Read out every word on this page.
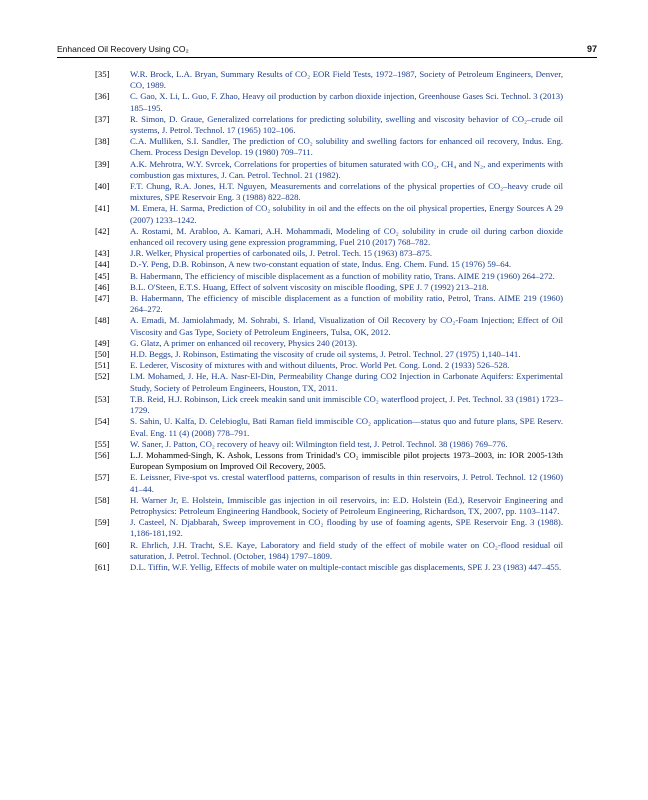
Enhanced Oil Recovery Using CO₂	97
[35] W.R. Brock, L.A. Bryan, Summary Results of CO₂ EOR Field Tests, 1972–1987, Society of Petroleum Engineers, Denver, CO, 1989.
[36] C. Gao, X. Li, L. Guo, F. Zhao, Heavy oil production by carbon dioxide injection, Greenhouse Gases Sci. Technol. 3 (2013) 185–195.
[37] R. Simon, D. Graue, Generalized correlations for predicting solubility, swelling and viscosity behavior of CO₂–crude oil systems, J. Petrol. Technol. 17 (1965) 102–106.
[38] C.A. Mulliken, S.I. Sandler, The prediction of CO₂ solubility and swelling factors for enhanced oil recovery, Indus. Eng. Chem. Process Design Develop. 19 (1980) 709–711.
[39] A.K. Mehrotra, W.Y. Svrcek, Correlations for properties of bitumen saturated with CO₂, CH₄ and N₂, and experiments with combustion gas mixtures, J. Can. Petrol. Technol. 21 (1982).
[40] F.T. Chung, R.A. Jones, H.T. Nguyen, Measurements and correlations of the physical properties of CO₂–heavy crude oil mixtures, SPE Reservoir Eng. 3 (1988) 822–828.
[41] M. Emera, H. Sarma, Prediction of CO₂ solubility in oil and the effects on the oil physical properties, Energy Sources A 29 (2007) 1233–1242.
[42] A. Rostami, M. Arabloo, A. Kamari, A.H. Mohammadi, Modeling of CO₂ solubility in crude oil during carbon dioxide enhanced oil recovery using gene expression programming, Fuel 210 (2017) 768–782.
[43] J.R. Welker, Physical properties of carbonated oils, J. Petrol. Tech. 15 (1963) 873–875.
[44] D.-Y. Peng, D.B. Robinson, A new two-constant equation of state, Indus. Eng. Chem. Fund. 15 (1976) 59–64.
[45] B. Habermann, The efficiency of miscible displacement as a function of mobility ratio, Trans. AIME 219 (1960) 264–272.
[46] B.L. O'Steen, E.T.S. Huang, Effect of solvent viscosity on miscible flooding, SPE J. 7 (1992) 213–218.
[47] B. Habermann, The efficiency of miscible displacement as a function of mobility ratio, Petrol, Trans. AIME 219 (1960) 264–272.
[48] A. Emadi, M. Jamiolahmady, M. Sohrabi, S. Irland, Visualization of Oil Recovery by CO₂-Foam Injection; Effect of Oil Viscosity and Gas Type, Society of Petroleum Engineers, Tulsa, OK, 2012.
[49] G. Glatz, A primer on enhanced oil recovery, Physics 240 (2013).
[50] H.D. Beggs, J. Robinson, Estimating the viscosity of crude oil systems, J. Petrol. Technol. 27 (1975) 1,140–141.
[51] E. Lederer, Viscosity of mixtures with and without diluents, Proc. World Pet. Cong. Lond. 2 (1933) 526–528.
[52] I.M. Mohamed, J. He, H.A. Nasr-El-Din, Permeability Change during CO2 Injection in Carbonate Aquifers: Experimental Study, Society of Petroleum Engineers, Houston, TX, 2011.
[53] T.B. Reid, H.J. Robinson, Lick creek meakin sand unit immiscible CO₂ waterflood project, J. Pet. Technol. 33 (1981) 1723–1729.
[54] S. Sahin, U. Kalfa, D. Celebioglu, Bati Raman field immiscible CO₂ application—status quo and future plans, SPE Reserv. Eval. Eng. 11 (4) (2008) 778–791.
[55] W. Saner, J. Patton, CO₂ recovery of heavy oil: Wilmington field test, J. Petrol. Technol. 38 (1986) 769–776.
[56] L.J. Mohammed-Singh, K. Ashok, Lessons from Trinidad's CO₂ immiscible pilot projects 1973–2003, in: IOR 2005-13th European Symposium on Improved Oil Recovery, 2005.
[57] E. Leissner, Five-spot vs. crestal waterflood patterns, comparison of results in thin reservoirs, J. Petrol. Technol. 12 (1960) 41–44.
[58] H. Warner Jr, E. Holstein, Immiscible gas injection in oil reservoirs, in: E.D. Holstein (Ed.), Reservoir Engineering and Petrophysics: Petroleum Engineering Handbook, Society of Petroleum Engineering, Richardson, TX, 2007, pp. 1103–1147.
[59] J. Casteel, N. Djabbarah, Sweep improvement in CO₂ flooding by use of foaming agents, SPE Reservoir Eng. 3 (1988). 1,186-181,192.
[60] R. Ehrlich, J.H. Tracht, S.E. Kaye, Laboratory and field study of the effect of mobile water on CO₂-flood residual oil saturation, J. Petrol. Technol. (October, 1984) 1797–1809.
[61] D.L. Tiffin, W.F. Yellig, Effects of mobile water on multiple-contact miscible gas displacements, SPE J. 23 (1983) 447–455.
